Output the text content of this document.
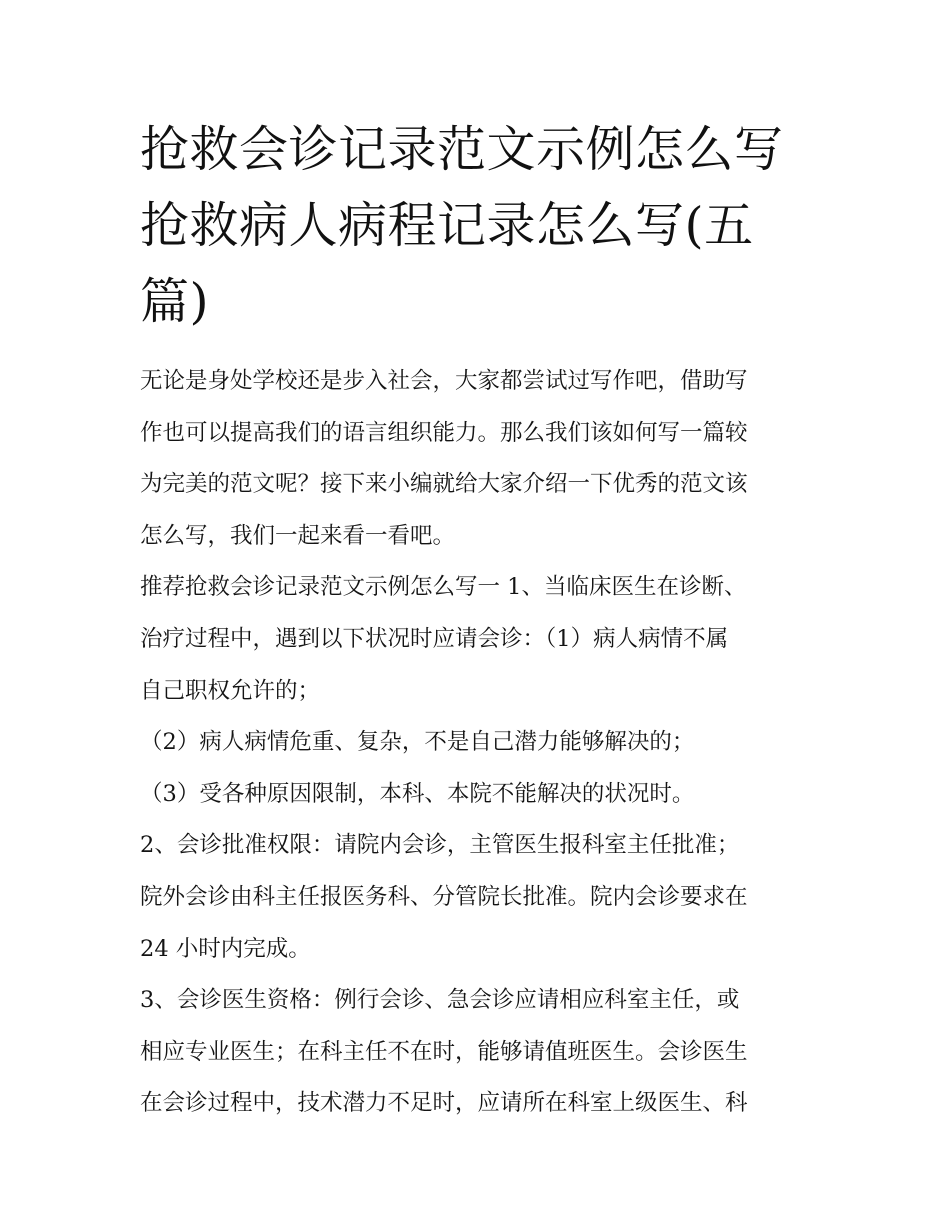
抢救会诊记录范文示例怎么写
抢救病人病程记录怎么写(五
篇)
无论是身处学校还是步入社会，大家都尝试过写作吧，借助写
作也可以提高我们的语言组织能力。那么我们该如何写一篇较
为完美的范文呢？接下来小编就给大家介绍一下优秀的范文该
怎么写，我们一起来看一看吧。
推荐抢救会诊记录范文示例怎么写一 1、当临床医生在诊断、
治疗过程中，遇到以下状况时应请会诊：（1）病人病情不属
自己职权允许的；
（2）病人病情危重、复杂，不是自己潜力能够解决的；
（3）受各种原因限制，本科、本院不能解决的状况时。
2、会诊批准权限：请院内会诊，主管医生报科室主任批准；
院外会诊由科主任报医务科、分管院长批准。院内会诊要求在
24 小时内完成。
3、会诊医生资格：例行会诊、急会诊应请相应科室主任，或
相应专业医生；在科主任不在时，能够请值班医生。会诊医生
在会诊过程中，技术潜力不足时，应请所在科室上级医生、科
